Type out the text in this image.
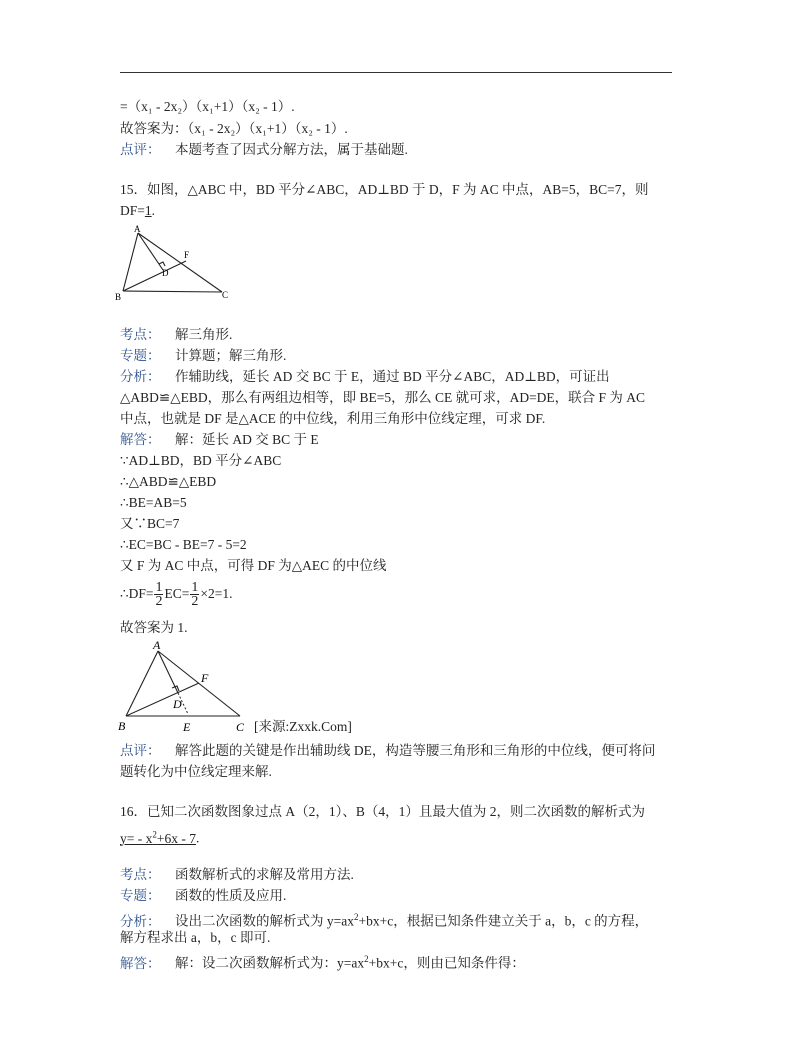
=（x₁ - 2x₂）（x₁+1）（x₂ - 1）.
故答案为：（x₁ - 2x₂）（x₁+1）（x₂ - 1）.
点评： 本题考查了因式分解方法，属于基础题.
15．如图，△ABC 中，BD 平分∠ABC，AD⊥BD 于 D，F 为 AC 中点，AB=5，BC=7，则
DF=1.
A
B	C
D
F
考点： 解三角形.
专题： 计算题；解三角形.
分析： 作辅助线，延长 AD 交 BC 于 E，通过 BD 平分∠ABC，AD⊥BD，可证出
△ABD≌△EBD，那么有两组边相等，即 BE=5，那么 CE 就可求，AD=DE，联合 F 为 AC
中点，也就是 DF 是△ACE 的中位线，利用三角形中位线定理，可求 DF.
解答： 解：延长 AD 交 BC 于 E
∵AD⊥BD，BD 平分∠ABC
∴△ABD≌△EBD
∴BE=AB=5
又∵BC=7
∴EC=BC - BE=7 - 5=2
又 F 为 AC 中点，可得 DF 为△AEC 的中位线
∴DF= $\frac{1}{2} EC= \frac{1}{2} \times 2=1$.
故答案为 1.
A
B	C
D
E
F
[来源:Zxxk.Com]
点评： 解答此题的关键是作出辅助线 DE，构造等腰三角形和三角形的中位线，便可将问
题转化为中位线定理来解.
16．已知二次函数图象过点 A（2，1）、B（4，1）且最大值为 2，则二次函数的解析式为
$y= - x^2+6x - 7$.
考点： 函数解析式的求解及常用方法.
专题： 函数的性质及应用.
分析： 设出二次函数的解析式为 $y=ax^2+bx+c$，根据已知条件建立关于 a，b，c 的方程，
解方程求出 a，b，c 即可.
解答： 解：设二次函数解析式为：$y=ax^2+bx+c$，则由已知条件得：
